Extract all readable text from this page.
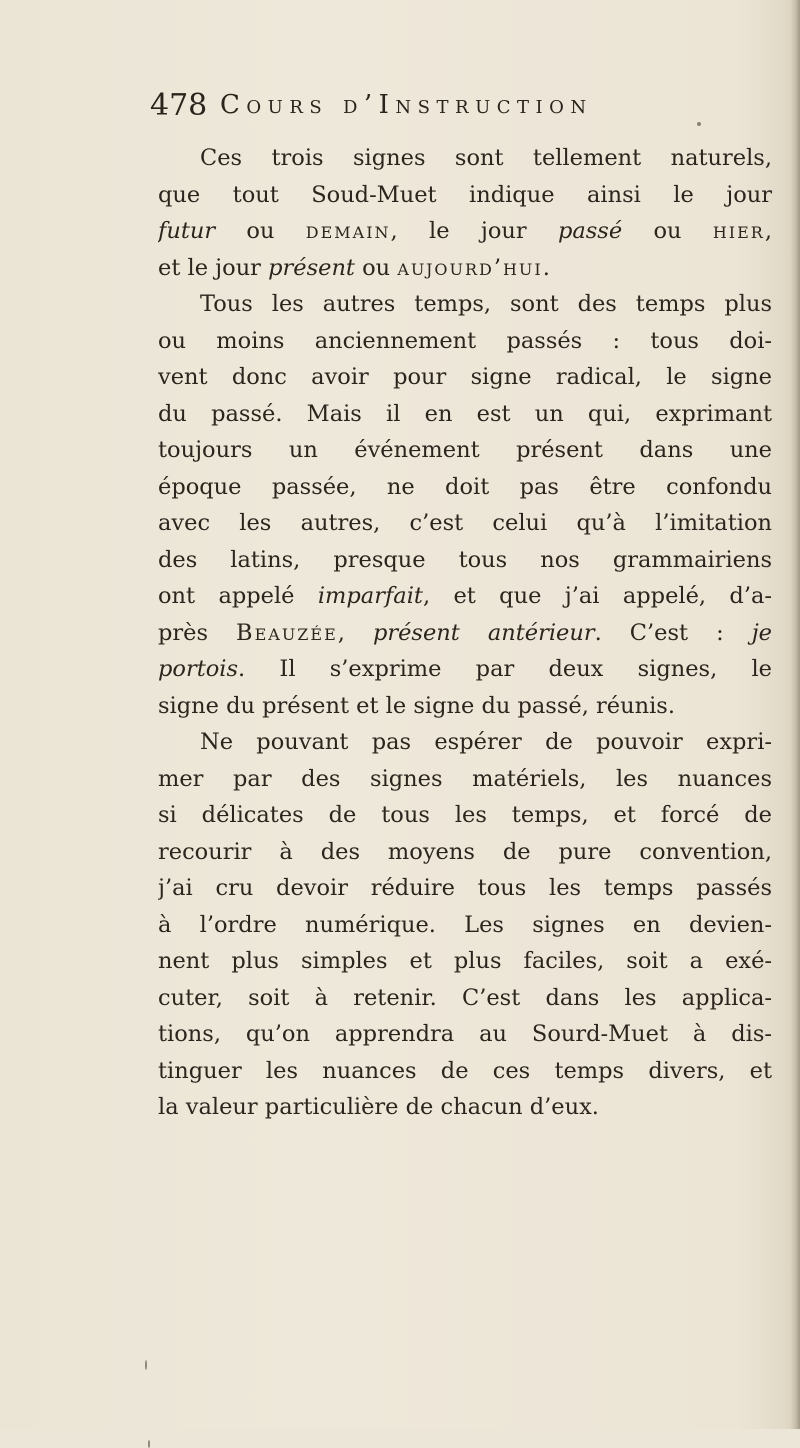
478 Cours d’Instruction
Ces trois signes sont tellement naturels,
que tout Soud-Muet indique ainsi le jour
futur ou demain, le jour passé ou hier,
et le jour présent ou aujourd’hui.
Tous les autres temps, sont des temps plus
ou moins anciennement passés : tous doi-
vent donc avoir pour signe radical, le signe
du passé. Mais il en est un qui, exprimant
toujours un événement présent dans une
époque passée, ne doit pas être confondu
avec les autres, c’est celui qu’à l’imitation
des latins, presque tous nos grammairiens
ont appelé imparfait, et que j’ai appelé, d’a-
près Beauzée, présent antérieur. C’est : je
portois. Il s’exprime par deux signes, le
signe du présent et le signe du passé, réunis.
Ne pouvant pas espérer de pouvoir expri-
mer par des signes matériels, les nuances
si délicates de tous les temps, et forcé de
recourir à des moyens de pure convention,
j’ai cru devoir réduire tous les temps passés
à l’ordre numérique. Les signes en devien-
nent plus simples et plus faciles, soit a exé-
cuter, soit à retenir. C’est dans les applica-
tions, qu’on apprendra au Sourd-Muet à dis-
tinguer les nuances de ces temps divers, et
la valeur particulière de chacun d’eux.
